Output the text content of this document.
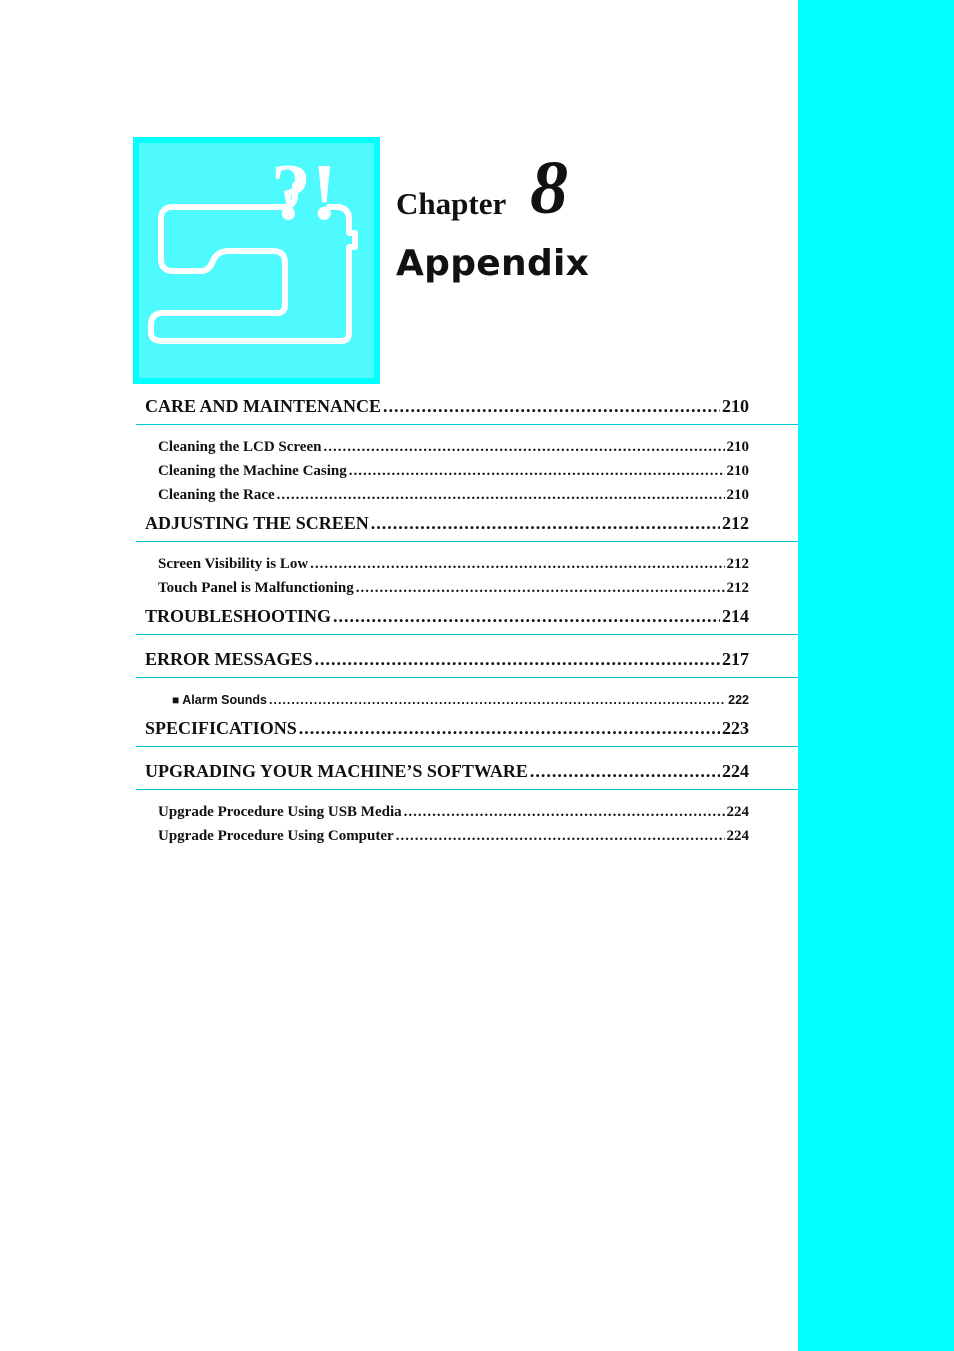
?! Chapter 8
Appendix
CARE AND MAINTENANCE .....	210
Cleaning the LCD Screen .....	210
Cleaning the Machine Casing .....	210
Cleaning the Race .....	210
ADJUSTING THE SCREEN .....	212
Screen Visibility is Low .....	212
Touch Panel is Malfunctioning .....	212
TROUBLESHOOTING .....	214
ERROR MESSAGES .....	217
■ Alarm Sounds .....	222
SPECIFICATIONS .....	223
UPGRADING YOUR MACHINE’S SOFTWARE .....	224
Upgrade Procedure Using USB Media .....	224
Upgrade Procedure Using Computer .....	224
